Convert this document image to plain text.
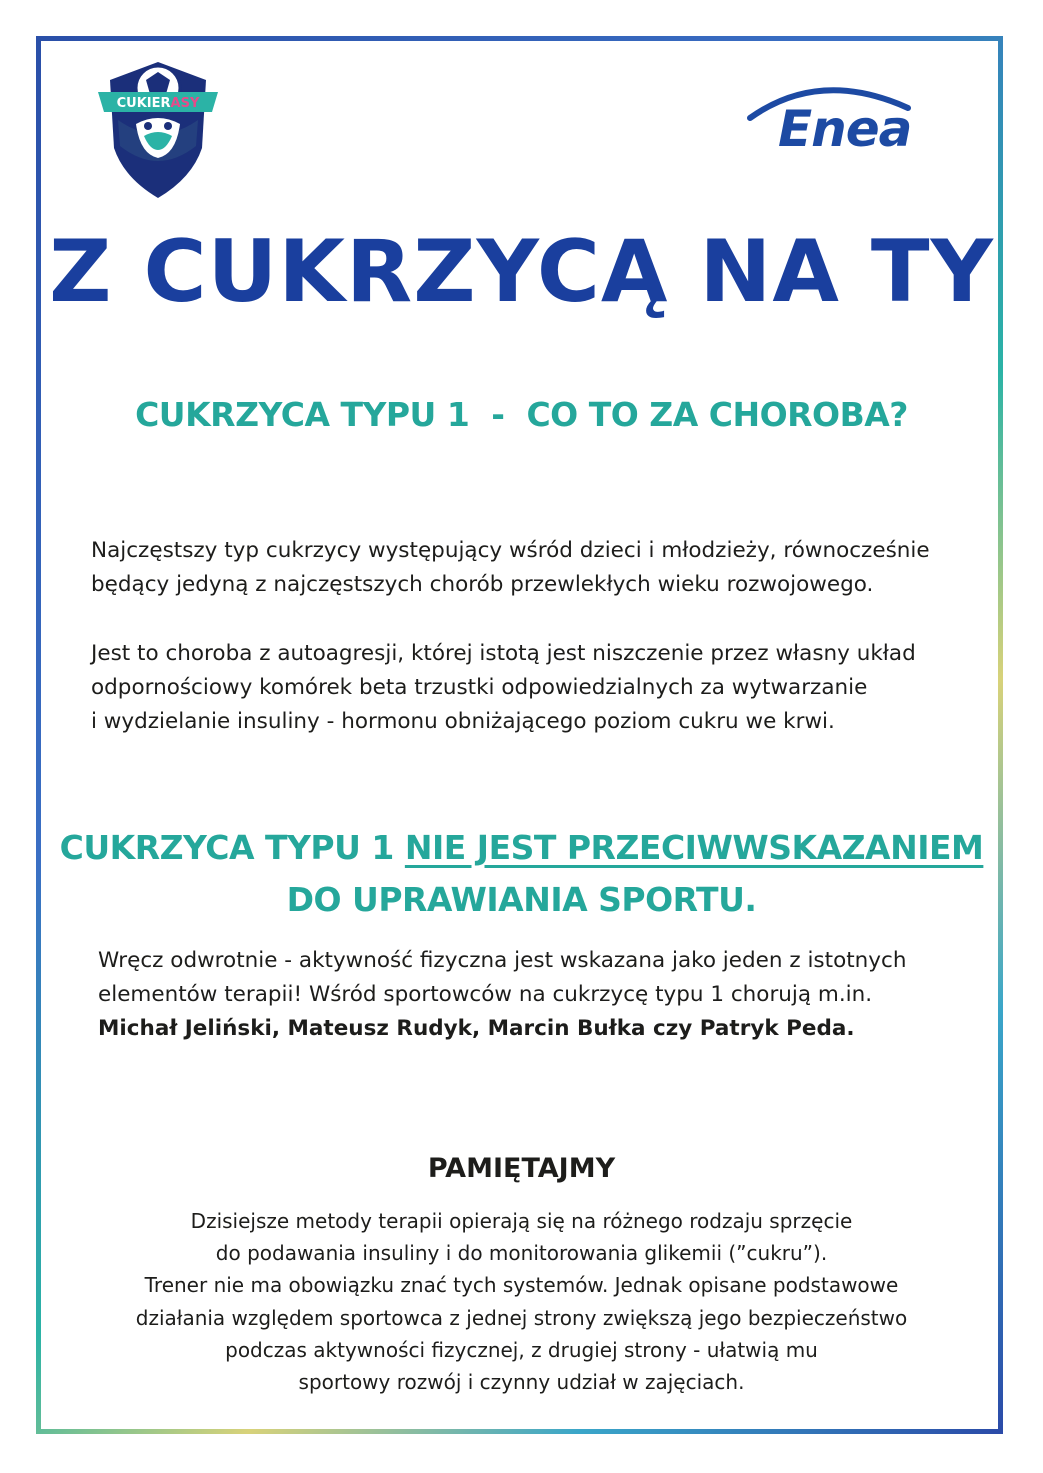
CUKIERASY	Enea
Z CUKRZYCĄ NA TY
CUKRZYCA TYPU 1  -  CO TO ZA CHOROBA?

Najczęstszy typ cukrzycy występujący wśród dzieci i młodzieży, równocześnie
będący jedyną z najczęstszych chorób przewlekłych wieku rozwojowego.

Jest to choroba z autoagresji, której istotą jest niszczenie przez własny układ
odpornościowy komórek beta trzustki odpowiedzialnych za wytwarzanie
i wydzielanie insuliny - hormonu obniżającego poziom cukru we krwi.

CUKRZYCA TYPU 1 NIE JEST PRZECIWWSKAZANIEM
DO UPRAWIANIA SPORTU.

Wręcz odwrotnie - aktywność fizyczna jest wskazana jako jeden z istotnych
elementów terapii! Wśród sportowców na cukrzycę typu 1 chorują m.in.
Michał Jeliński, Mateusz Rudyk, Marcin Bułka czy Patryk Peda.

PAMIĘTAJMY

Dzisiejsze metody terapii opierają się na różnego rodzaju sprzęcie
do podawania insuliny i do monitorowania glikemii (”cukru”).
Trener nie ma obowiązku znać tych systemów. Jednak opisane podstawowe
działania względem sportowca z jednej strony zwiększą jego bezpieczeństwo
podczas aktywności fizycznej, z drugiej strony - ułatwią mu
sportowy rozwój i czynny udział w zajęciach.
